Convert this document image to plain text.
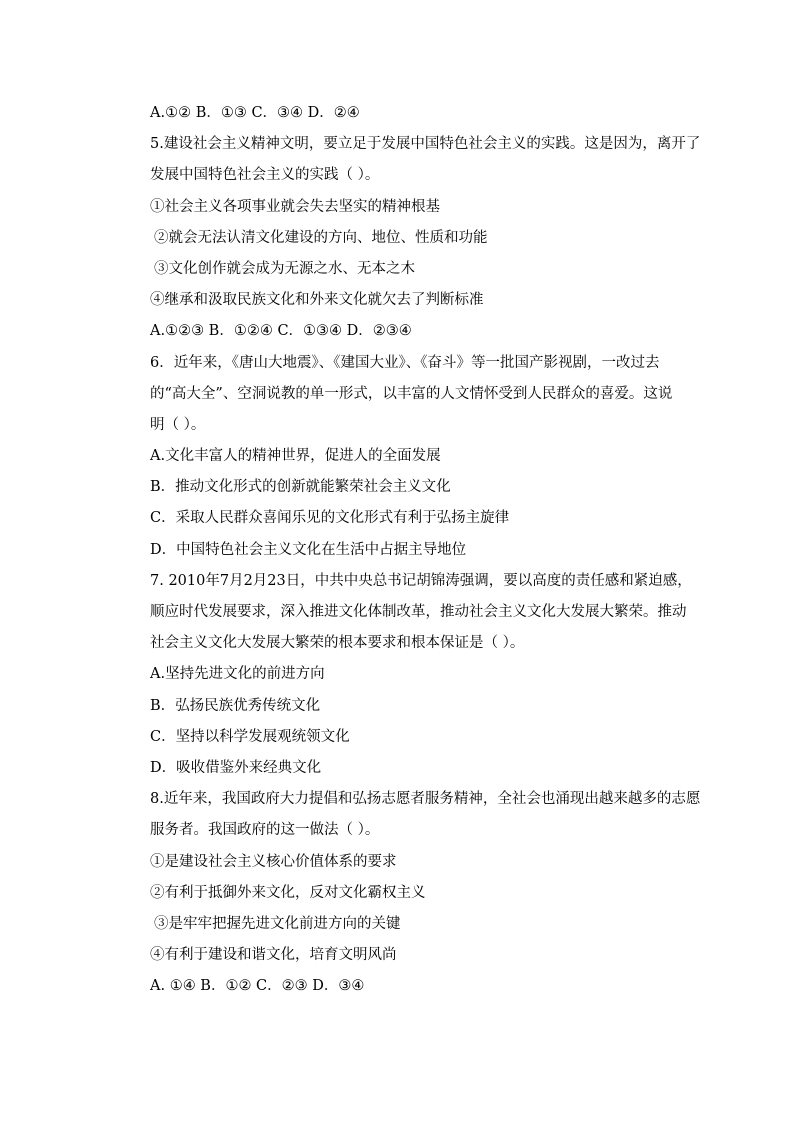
A.①② B．①③ C．③④ D．②④
5.建设社会主义精神文明，要立足于发展中国特色社会主义的实践。这是因为，离开了
发展中国特色社会主义的实践（ ）。
①社会主义各项事业就会失去坚实的精神根基
②就会无法认清文化建设的方向、地位、性质和功能
③文化创作就会成为无源之水、无本之木
④继承和汲取民族文化和外来文化就欠去了判断标准
A.①②③ B．①②④ C．①③④ D．②③④
6．近年来，《唐山大地震》、《建国大业》、《奋斗》等一批国产影视剧，一改过去
的“高大全”、空洞说教的单一形式，以丰富的人文情怀受到人民群众的喜爱。这说
明（ ）。
A.文化丰富人的精神世界，促进人的全面发展
B．推动文化形式的创新就能繁荣社会主义文化
C．采取人民群众喜闻乐见的文化形式有利于弘扬主旋律
D．中国特色社会主义文化在生活中占据主导地位
7. 2010年7月2月23日，中共中央总书记胡锦涛强调，要以高度的责任感和紧迫感，
顺应时代发展要求，深入推进文化体制改革，推动社会主义文化大发展大繁荣。推动
社会主义文化大发展大繁荣的根本要求和根本保证是（ ）。
A.坚持先进文化的前进方向
B．弘扬民族优秀传统文化
C．坚持以科学发展观统领文化
D．吸收借鉴外来经典文化
8.近年来，我国政府大力提倡和弘扬志愿者服务精神，全社会也涌现出越来越多的志愿
服务者。我国政府的这一做法（ ）。
①是建设社会主义核心价值体系的要求
②有利于抵御外来文化，反对文化霸权主义
③是牢牢把握先进文化前进方向的关键
④有利于建设和谐文化，培育文明风尚
A. ①④ B．①② C．②③ D．③④
